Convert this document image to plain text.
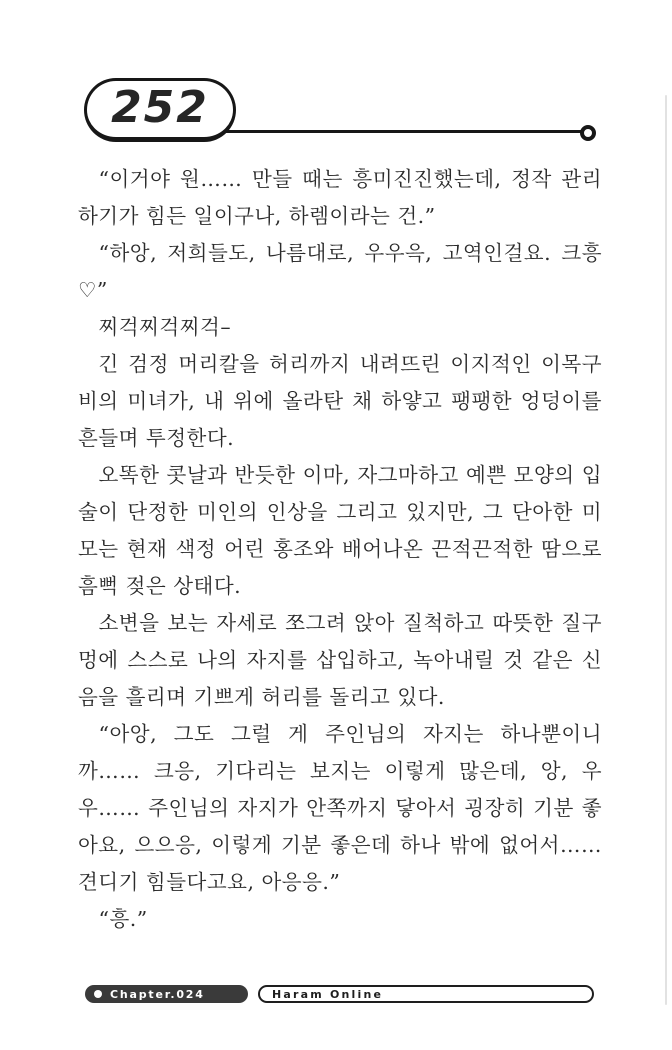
252

“이거야 원…… 만들 때는 흥미진진했는데, 정작 관리하기가 힘든 일이구나, 하렘이라는 건.”

“하앙, 저희들도, 나름대로, 우우윽, 고역인걸요. 크흥♡”

찌걱찌걱찌걱–

긴 검정 머리칼을 허리까지 내려뜨린 이지적인 이목구비의 미녀가, 내 위에 올라탄 채 하얗고 팽팽한 엉덩이를 흔들며 투정한다.

오똑한 콧날과 반듯한 이마, 자그마하고 예쁜 모양의 입술이 단정한 미인의 인상을 그리고 있지만, 그 단아한 미모는 현재 색정 어린 홍조와 배어나온 끈적끈적한 땀으로 흠뻑 젖은 상태다.

소변을 보는 자세로 쪼그려 앉아 질척하고 따뜻한 질구멍에 스스로 나의 자지를 삽입하고, 녹아내릴 것 같은 신음을 흘리며 기쁘게 허리를 돌리고 있다.

“아앙, 그도 그럴 게 주인님의 자지는 하나뿐이니까…… 크응, 기다리는 보지는 이렇게 많은데, 앙, 우우…… 주인님의 자지가 안쪽까지 닿아서 굉장히 기분 좋아요, 으으응, 이렇게 기분 좋은데 하나 밖에 없어서…… 견디기 힘들다고요, 아응응.”

“흥.”

Chapter.024	Haram Online
